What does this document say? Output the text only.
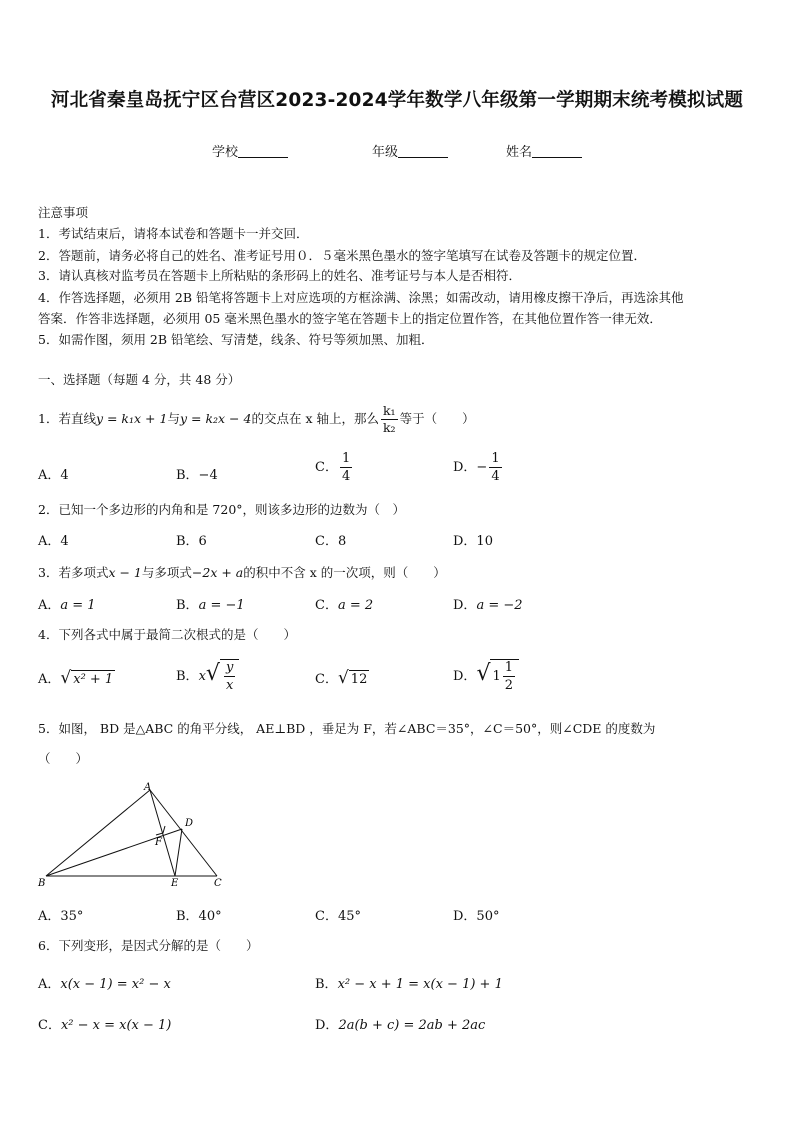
河北省秦皇岛抚宁区台营区2023-2024学年数学八年级第一学期期末统考模拟试题
学校	年级	姓名
注意事项
1．考试结束后，请将本试卷和答题卡一并交回．
2．答题前，请务必将自己的姓名、准考证号用０．５毫米黑色墨水的签字笔填写在试卷及答题卡的规定位置．
3．请认真核对监考员在答题卡上所粘贴的条形码上的姓名、准考证号与本人是否相符．
4．作答选择题，必须用 2B 铅笔将答题卡上对应选项的方框涂满、涂黑；如需改动，请用橡皮擦干净后，再选涂其他
答案．作答非选择题，必须用 05 毫米黑色墨水的签字笔在答题卡上的指定位置作答，在其他位置作答一律无效．
5．如需作图，须用 2B 铅笔绘、写清楚，线条、符号等须加黑、加粗．
一、选择题（每题 4 分，共 48 分）
1．若直线y = k₁x + 1与y = k₂x − 4的交点在 x 轴上，那么 $\frac{\text{k₁}}{\text{k₂}}$ 等于（　　）
A．4	B．−4
C． $\frac{1}{4}$	D．− $\frac{1}{4}$
2．已知一个多边形的内角和是 720°，则该多边形的边数为（　）
A．4	B．6	C．8	D．10
3．若多项式x − 1与多项式−2x + a的积中不含 x 的一次项，则（　　）
A．a = 1	B．a = −1	C．a = 2	D．a = −2
4．下列各式中属于最简二次根式的是（　　）
A．√ x² + 1	B．$x√ \frac{y}{x}$	C．√ 12	D．√ $1 \frac{1}{2}$
5．如图， BD 是△ABC 的角平分线， AE⊥BD ，垂足为 F，若∠ABC＝35°，∠C＝50°，则∠CDE 的度数为
（　　）
A
B	C
D
E
F
A．35°	B．40°	C．45°	D．50°
6．下列变形，是因式分解的是（　　）
A．x(x − 1) = x² − x	B．x² − x + 1 = x(x − 1) + 1
C．x² − x = x(x − 1)	D．2a(b + c) = 2ab + 2ac
